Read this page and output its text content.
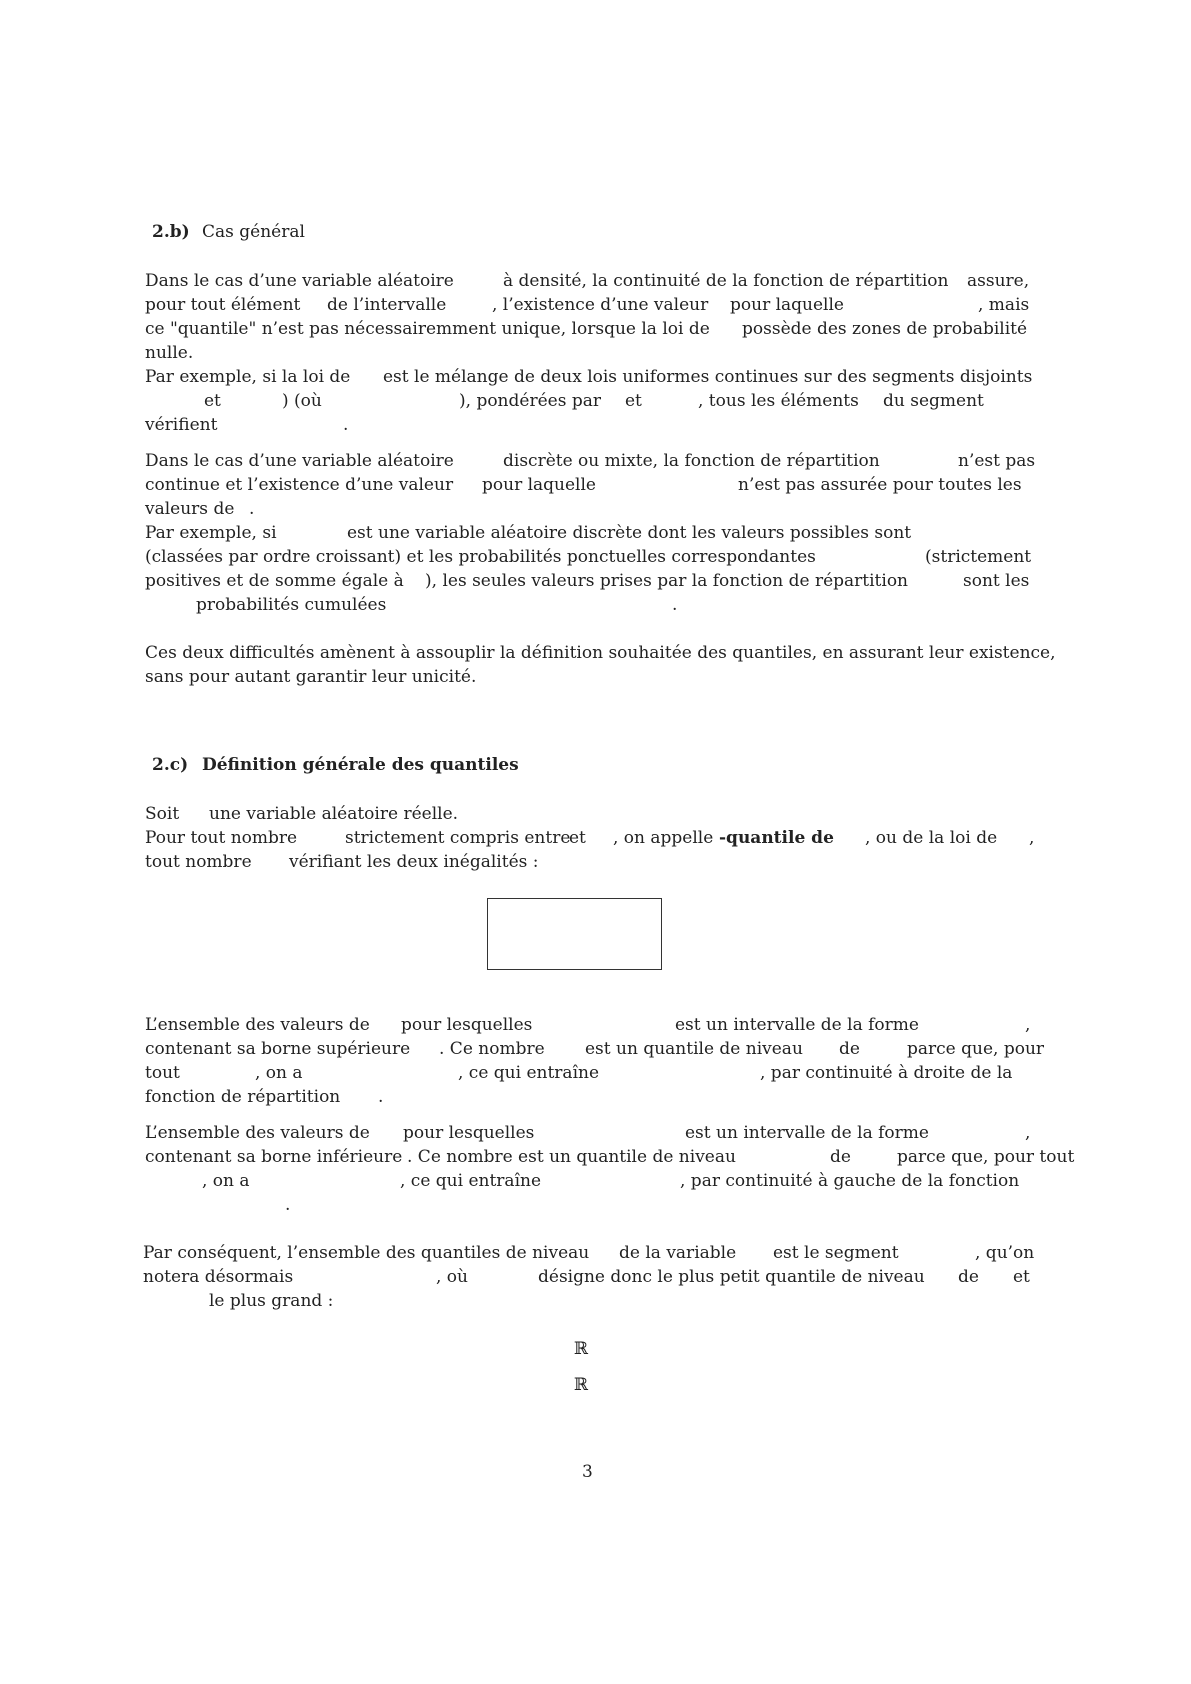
2.b) Cas général
Dans le cas d’une variable aléatoire	à densité, la continuité de la fonction de répartition assure,
pour tout élément de l’intervalle	, l’existence d’une valeur pour laquelle	, mais
ce "quantile" n’est pas nécessairemment unique, lorsque la loi de possède des zones de probabilité
nulle.
Par exemple, si la loi de est le mélange de deux lois uniformes continues sur des segments disjoints
et	) (où	), pondérées par et	, tous les éléments du segment
vérifient	.
Dans le cas d’une variable aléatoire	discrète ou mixte, la fonction de répartition	n’est pas
continue et l’existence d’une valeur pour laquelle	n’est pas assurée pour toutes les
valeurs de .
Par exemple, si	est une variable aléatoire discrète dont les valeurs possibles sont
(classées par ordre croissant) et les probabilités ponctuelles correspondantes	(strictement
positives et de somme égale à ), les seules valeurs prises par la fonction de répartition	sont les
probabilités cumulées	.
Ces deux difficultés amènent à assouplir la définition souhaitée des quantiles, en assurant leur existence,
sans pour autant garantir leur unicité.
2.c) Définition générale des quantiles
Soit une variable aléatoire réelle.
Pour tout nombre	strictement compris entre
et , on appelle -quantile de , ou de la loi de ,
tout nombre vérifiant les deux inégalités :
L’ensemble des valeurs de pour lesquelles	est un intervalle de la forme	,
contenant sa borne supérieure . Ce nombre est un quantile de niveau de	parce que, pour
tout	, on a	, ce qui entraîne	, par continuité à droite de la
fonction de répartition .
L’ensemble des valeurs de pour lesquelles	est un intervalle de la forme	,
contenant sa borne inférieure . Ce nombre est un quantile de niveau	de	parce que, pour tout
, on a	, ce qui entraîne	, par continuité à gauche de la fonction
.
Par conséquent, l’ensemble des quantiles de niveau de la variable est le segment	, qu’on
notera désormais	, où	désigne donc le plus petit quantile de niveau de et
le plus grand :
ℝ
ℝ
3
